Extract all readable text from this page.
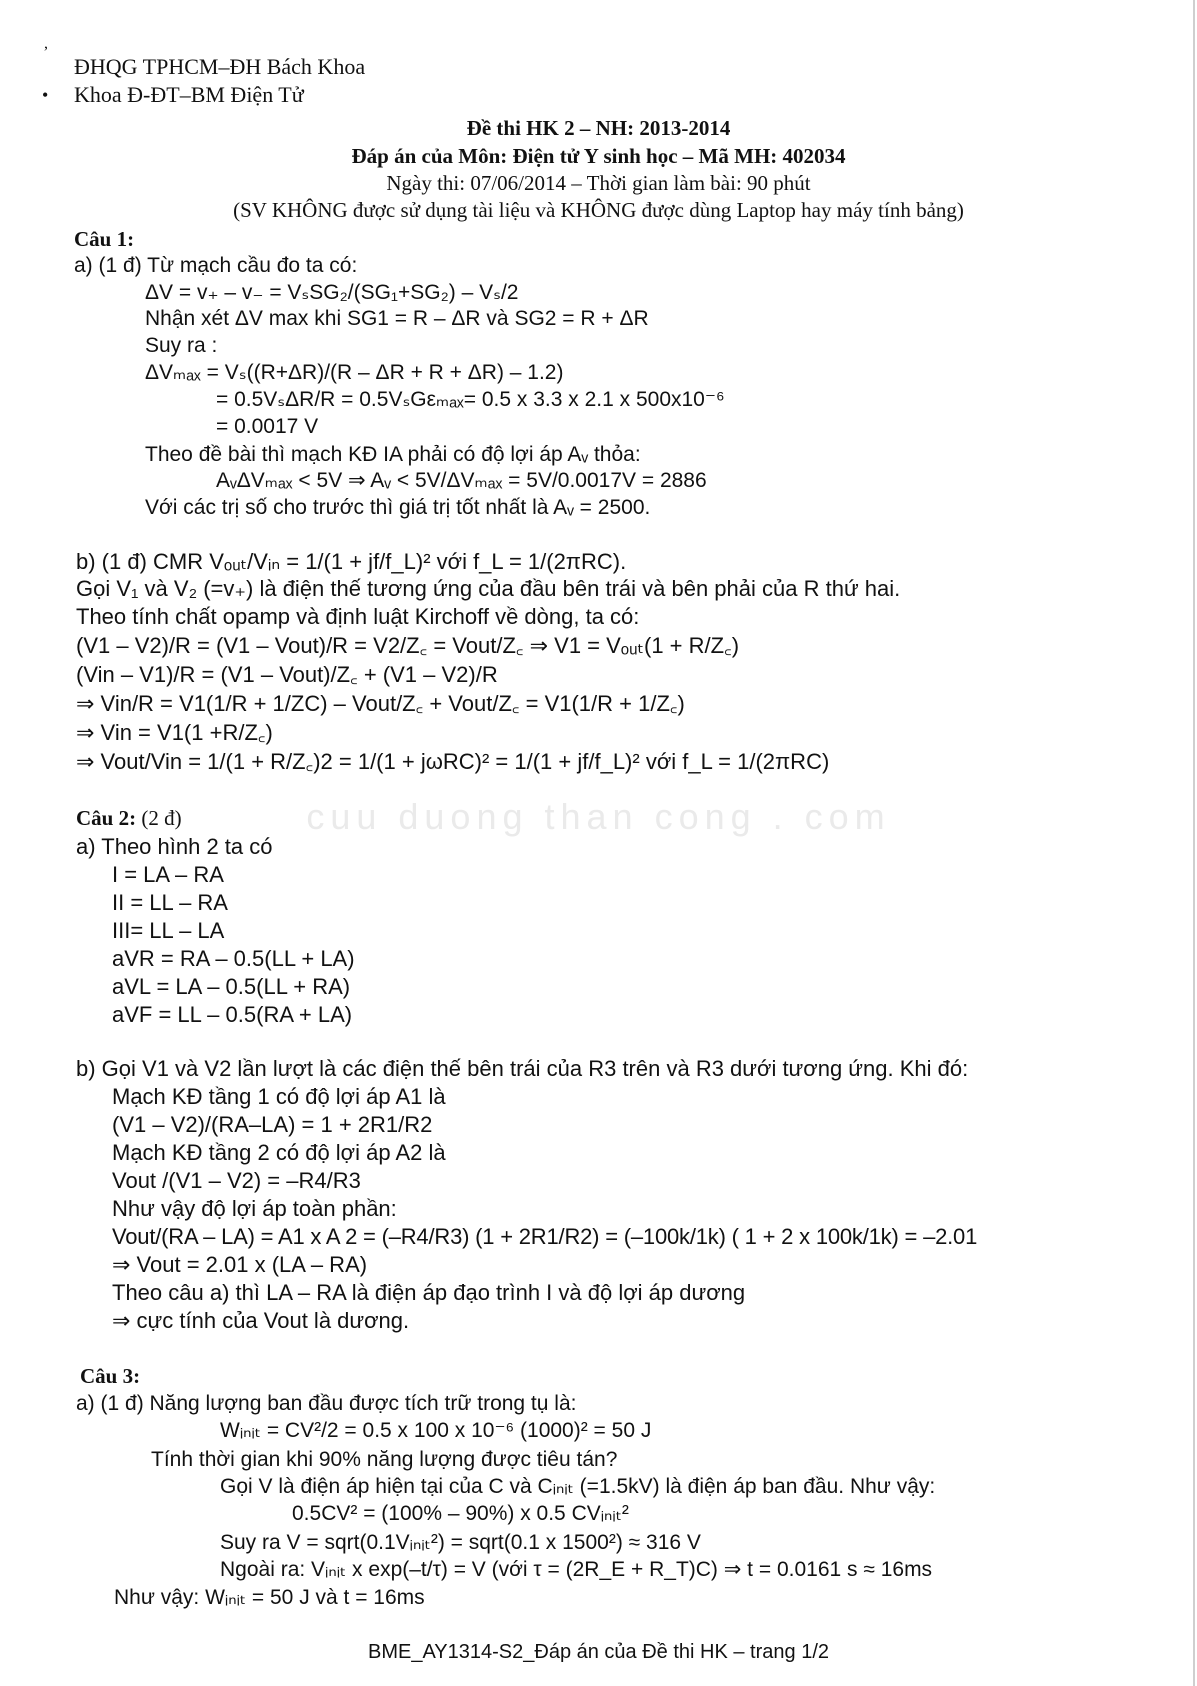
,
•
ĐHQG TPHCM–ĐH Bách Khoa
Khoa Đ-ĐT–BM Điện Tử
Đề thi HK 2 – NH: 2013-2014
Đáp án của Môn: Điện tử Y sinh học – Mã MH: 402034
Ngày thi: 07/06/2014 – Thời gian làm bài: 90 phút
(SV KHÔNG được sử dụng tài liệu và KHÔNG được dùng Laptop hay máy tính bảng)
Câu 1:
a) (1 đ) Từ mạch cầu đo ta có:
ΔV = v₊ – v₋ = VₛSG₂/(SG₁+SG₂) – Vₛ/2
Nhận xét ΔV max khi SG1 = R – ΔR và SG2 = R + ΔR
Suy ra :
ΔVₘₐₓ = Vₛ((R+ΔR)/(R – ΔR + R + ΔR) – 1.2)
= 0.5VₛΔR/R = 0.5VₛGεₘₐₓ= 0.5 x 3.3 x 2.1 x 500x10⁻⁶
= 0.0017 V
Theo đề bài thì mạch KĐ IA phải có độ lợi áp Aᵥ thỏa:
AᵥΔVₘₐₓ < 5V ⇒ Aᵥ < 5V/ΔVₘₐₓ = 5V/0.0017V = 2886
Với các trị số cho trước thì giá trị tốt nhất là Aᵥ = 2500.
b) (1 đ) CMR Vₒᵤₜ/Vᵢₙ = 1/(1 + jf/f_L)² với f_L = 1/(2πRC).
Gọi V₁ và V₂ (=v₊) là điện thế tương ứng của đầu bên trái và bên phải của R thứ hai.
Theo tính chất opamp và định luật Kirchoff về dòng, ta có:
(V1 – V2)/R = (V1 – Vout)/R = V2/Z꜀ = Vout/Z꜀ ⇒ V1 = Vₒᵤₜ(1 + R/Z꜀)
(Vin – V1)/R = (V1 – Vout)/Z꜀ + (V1 – V2)/R
⇒ Vin/R = V1(1/R + 1/ZC) – Vout/Z꜀ + Vout/Z꜀ = V1(1/R + 1/Z꜀)
⇒ Vin = V1(1 +R/Z꜀)
⇒ Vout/Vin = 1/(1 + R/Z꜀)2 = 1/(1 + jωRC)² = 1/(1 + jf/f_L)² với f_L = 1/(2πRC)
cuu duong than cong . com
Câu 2: (2 đ)
a) Theo hình 2 ta có
I = LA – RA
II = LL – RA
III= LL – LA
aVR = RA – 0.5(LL + LA)
aVL = LA – 0.5(LL + RA)
aVF = LL – 0.5(RA + LA)
b) Gọi V1 và V2 lần lượt là các điện thế bên trái của R3 trên và R3 dưới tương ứng. Khi đó:
Mạch KĐ tầng 1 có độ lợi áp A1 là
(V1 – V2)/(RA–LA) = 1 + 2R1/R2
Mạch KĐ tầng 2 có độ lợi áp A2 là
Vout /(V1 – V2) = –R4/R3
Như vậy độ lợi áp toàn phần:
Vout/(RA – LA) = A1 x A 2 = (–R4/R3) (1 + 2R1/R2) = (–100k/1k) ( 1 + 2 x 100k/1k) = –2.01
⇒ Vout = 2.01 x (LA – RA)
Theo câu a) thì LA – RA là điện áp đạo trình I và độ lợi áp dương
⇒ cực tính của Vout là dương.
Câu 3:
a) (1 đ) Năng lượng ban đầu được tích trữ trong tụ là:
Wᵢₙᵢₜ = CV²/2 = 0.5 x 100 x 10⁻⁶ (1000)² = 50 J
Tính thời gian khi 90% năng lượng được tiêu tán?
Gọi V là điện áp hiện tại của C và Cᵢₙᵢₜ (=1.5kV) là điện áp ban đầu. Như vậy:
0.5CV² = (100% – 90%) x 0.5 CVᵢₙᵢₜ²
Suy ra V = sqrt(0.1Vᵢₙᵢₜ²) = sqrt(0.1 x 1500²) ≈ 316 V
Ngoài ra: Vᵢₙᵢₜ x exp(–t/τ) = V (với τ = (2R_E + R_T)C) ⇒ t = 0.0161 s ≈ 16ms
Như vậy: Wᵢₙᵢₜ = 50 J và t = 16ms
BME_AY1314-S2_Đáp án của Đề thi HK – trang 1/2
